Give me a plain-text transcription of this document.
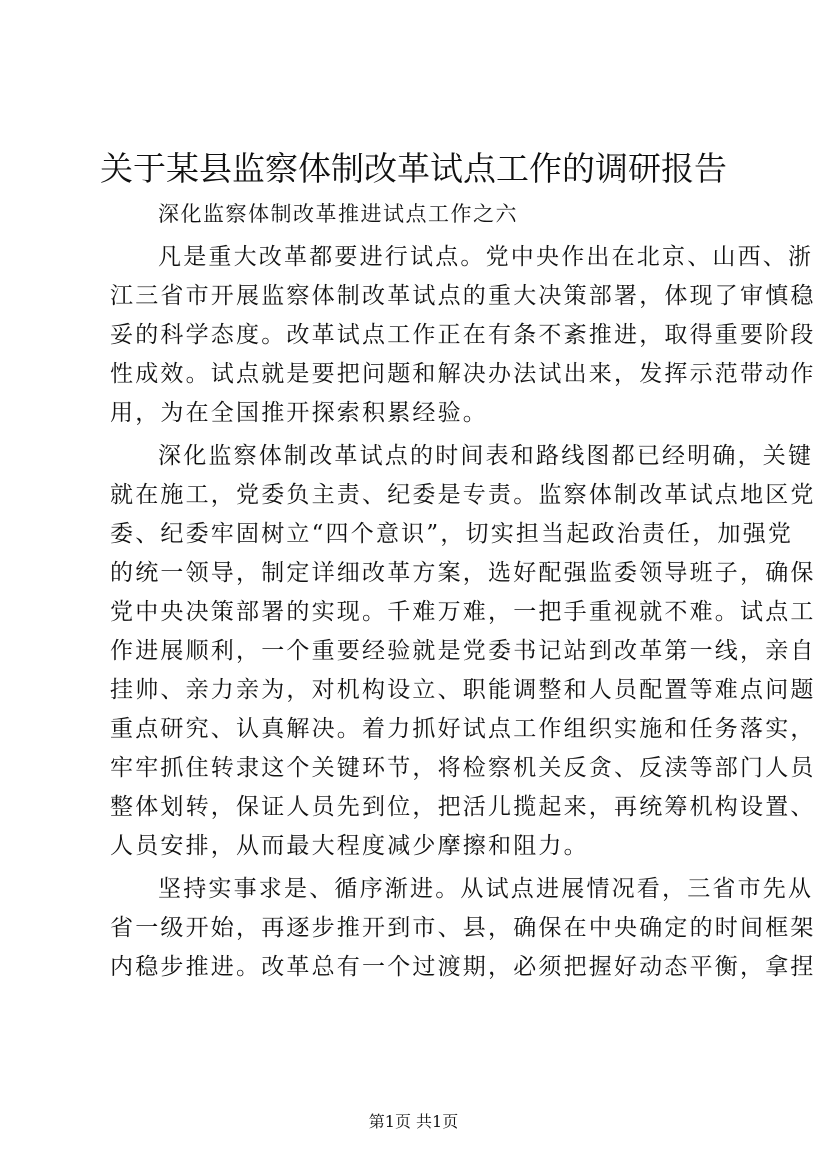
关于某县监察体制改革试点工作的调研报告

深化监察体制改革推进试点工作之六

凡是重大改革都要进行试点。党中央作出在北京、山西、浙
江三省市开展监察体制改革试点的重大决策部署，体现了审慎稳
妥的科学态度。改革试点工作正在有条不紊推进，取得重要阶段
性成效。试点就是要把问题和解决办法试出来，发挥示范带动作
用，为在全国推开探索积累经验。
深化监察体制改革试点的时间表和路线图都已经明确，关键
就在施工，党委负主责、纪委是专责。监察体制改革试点地区党
委、纪委牢固树立“四个意识”，切实担当起政治责任，加强党
的统一领导，制定详细改革方案，选好配强监委领导班子，确保
党中央决策部署的实现。千难万难，一把手重视就不难。试点工
作进展顺利，一个重要经验就是党委书记站到改革第一线，亲自
挂帅、亲力亲为，对机构设立、职能调整和人员配置等难点问题
重点研究、认真解决。着力抓好试点工作组织实施和任务落实，
牢牢抓住转隶这个关键环节，将检察机关反贪、反渎等部门人员
整体划转，保证人员先到位，把活儿揽起来，再统筹机构设置、
人员安排，从而最大程度减少摩擦和阻力。
坚持实事求是、循序渐进。从试点进展情况看，三省市先从
省一级开始，再逐步推开到市、县，确保在中央确定的时间框架
内稳步推进。改革总有一个过渡期，必须把握好动态平衡，拿捏
第1页 共1页
